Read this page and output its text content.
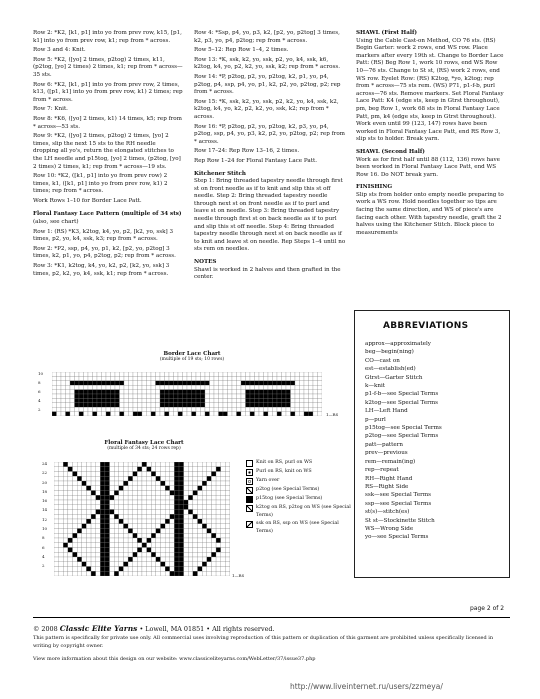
Row 2: *K2, [k1, p1] into yo from prev row, k15, [p1, k1] into yo from prev row, k1; rep from * across.

Row 3 and 4: Knit.

Row 5: *K2, ([yo] 2 times, p2tog) 2 times, k11, (p2tog, [yo] 2 times) 2 times, k1; rep from * across—35 sts.

Row 6: *K2, [k1, p1] into yo from prev row, 2 times, k13, ([p1, k1] into yo from prev row, k1) 2 times; rep from * across.

Row 7: Knit.

Row 8: *K6, ([yo] 2 times, k1) 14 times, k5; rep from * across—53 sts.

Row 9: *K2, ([yo] 2 times, p2tog) 2 times, [yo] 2 times, slip the next 15 sts to the RH needle dropping all yo's, return the elongated stitches to the LH needle and p15tog, [yo] 2 times, (p2tog, [yo] 2 times) 2 times, k1; rep from * across—19 sts.

Row 10: *K2, ([k1, p1] into yo from prev row) 2 times, k1, ([k1, p1] into yo from prev row, k1) 2 times; rep from * across.

Work Rows 1–10 for Border Lace Patt.

Floral Fantasy Lace Pattern (multiple of 34 sts)

(also, see chart)

Row 1: (RS) *K3, k2tog, k4, yo, p2, [k2, yo, ssk] 3 times, p2, yo, k4, ssk, k3; rep from * across.

Row 2: *P2, ssp, p4, yo, p1, k2, [p2, yo, p2tog] 3 times, k2, p1, yo, p4, p2tog, p2; rep from * across.

Row 3: *K1, k2tog, k4, yo, k2, p2, [k2, yo, ssk] 3 times, p2, k2, yo, k4, ssk, k1; rep from * across.

Row 4: *Ssp, p4, yo, p3, k2, [p2, yo, p2tog] 3 times, k2, p3, yo, p4, p2tog; rep from * across.

Row 5–12: Rep Row 1–4, 2 times.

Row 13: *K, ssk, k2, yo, ssk, p2, yo, k4, ssk, k6, k2tog, k4, yo, p2, k2, yo, ssk, k2; rep from * across.

Row 14: *P, p2tog, p2, yo, p2tog, k2, p1, yo, p4, p2tog, p4, ssp, p4, yo, p1, k2, p2, yo, p2tog, p2; rep from * across.

Row 15: *K, ssk, k2, yo, ssk, p2, k2, yo, k4, ssk, k2, k2tog, k4, yo, k2, p2, k2, yo, ssk, k2; rep from * across.

Row 16: *P, p2tog, p2, yo, p2tog, k2, p3, yo, p4, p2tog, ssp, p4, yo, p3, k2, p2, yo, p2tog, p2; rep from * across.

Row 17–24: Rep Row 13–16, 2 times.

Rep Row 1–24 for Floral Fantasy Lace Patt.

Kitchener Stitch

Step 1: Bring threaded tapestry needle through first st on front needle as if to knit and slip this st off needle. Step 2: Bring threaded tapestry needle through next st on front needle as if to purl and leave st on needle. Step 3: Bring threaded tapestry needle through first st on back needle as if to purl and slip this st off needle. Step 4: Bring threaded tapestry needle through next st on back needle as if to knit and leave st on needle. Rep Steps 1–4 until no sts rem on needles.

NOTES

Shawl is worked in 2 halves and then grafted in the center.

SHAWL (First Half)

Using the Cable Cast-on Method, CO 76 sts. (RS) Begin Garter: work 2 rows, end WS row. Place markers after every 19th st. Change to Border Lace Patt: (RS) Beg Row 1, work 10 rows, end WS Row 10—76 sts. Change to St st, (RS) work 2 rows, end WS row. Eyelet Row: (RS) K2tog, *yo, k2tog; rep from * across—75 sts rem. (WS) P71, p1-f-b, purl across—76 sts. Remove markers. Set Floral Fantasy Lace Patt: K4 (edge sts, keep in Gtrst throughout), pm, beg Row 1, work 68 sts in Floral Fantasy Lace Patt, pm, k4 (edge sts, keep in Gtrst throughout). Work even until 99 (123, 147) rows have been worked in Floral Fantasy Lace Patt, end RS Row 3, slip sts to holder. Break yarn.

SHAWL (Second Half)

Work as for first half until 88 (112, 136) rows have been worked in Floral Fantasy Lace Patt, end WS Row 16. Do NOT break yarn.

FINISHING

Slip sts from holder onto empty needle preparing to work a WS row. Hold needles together so tips are facing the same direction, and WS of piece's are facing each other. With tapestry needle, graft the 2 halves using the Kitchener Stitch. Block piece to measurements

ABBREVIATIONS
approx—approximately
beg—begin(ning)
CO—cast on
est—establish(ed)
Gtrst—Garter Stitch
k—knit
p1-f-b—see Special Terms
k2tog—see Special Terms
LH—Left Hand
p—purl
p15tog—see Special Terms
p2tog—see Special Terms
patt—pattern
prev—previous
rem—remain(ing)
rep—repeat
RH—Right Hand
RS—Right Side
ssk—see Special Terms
ssp—see Special Terms
st(s)—stitch(es)
St st—Stockinette Stitch
WS—Wrong Side
yo—see Special Terms
Border Lace Chart
(multiple of 19 sts; 10 rows)
10
8
6
4
2
1—RS
Floral Fantasy Lace Chart
(multiple of 34 sts; 24 rows rep)
24
22
20
18
16
14
12
10
8
6
4
2
1—RS
Knit on RS, purl on WS
Purl on RS, knit on WS
Yarn over
p2tog (see Special Terms)
p15tog (see Special Terms)
k2tog on RS, p2tog on WS (see Special Terms)
ssk on RS, ssp on WS (see Special Terms)
page 2 of 2
© 2008 Classic Elite Yarns • Lowell, MA 01851 • All rights reserved.
This pattern is specifically for private use only. All commercial uses involving reproduction of this pattern or duplication of this garment are prohibited unless specifically licensed in writing by copyright owner.
View more information about this design on our website: www.classiceliteyarns.com/WebLetter/37/issue37.php
http://www.liveinternet.ru/users/zzmeya/
